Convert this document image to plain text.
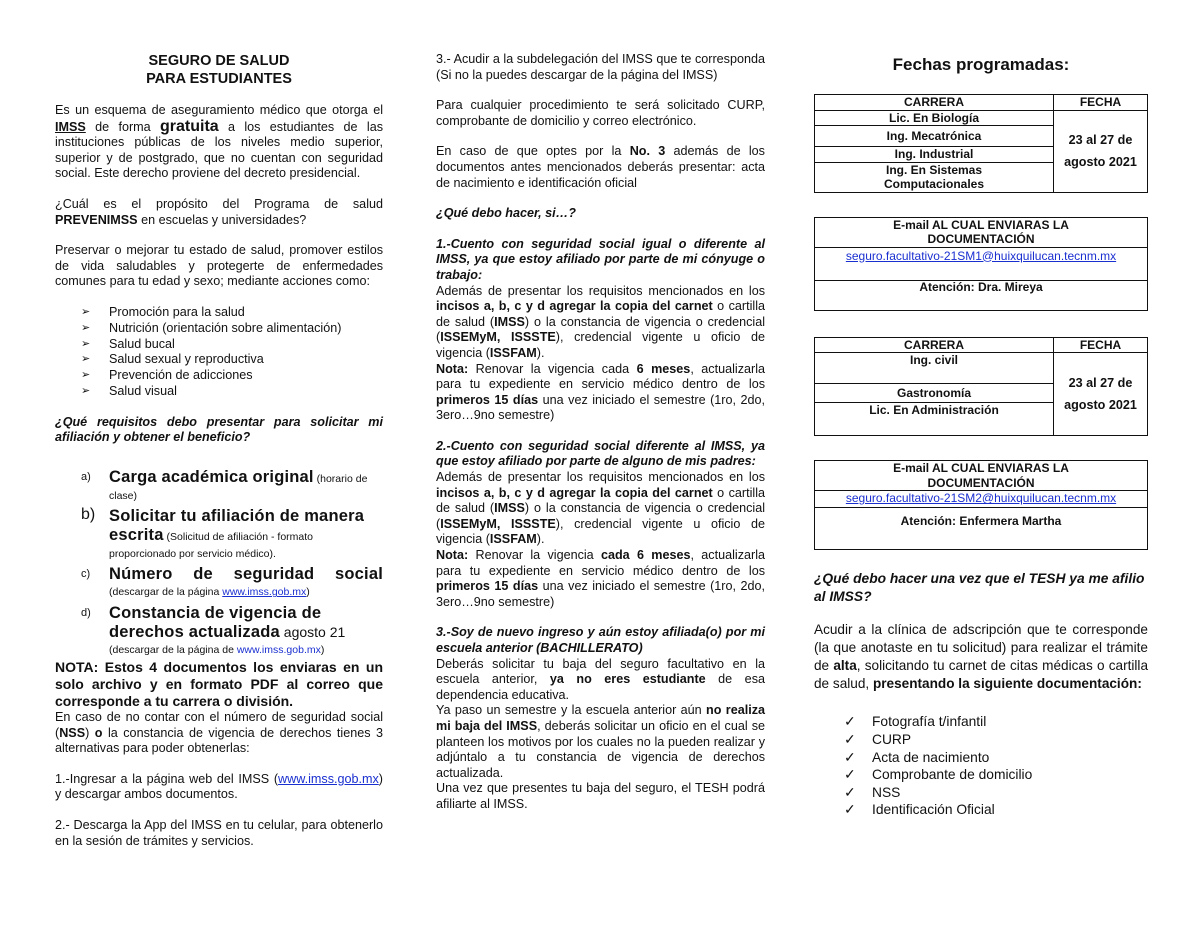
SEGURO DE SALUD
PARA ESTUDIANTES

Es un esquema de aseguramiento médico que otorga el IMSS de forma gratuita a los estudiantes de las instituciones públicas de los niveles medio superior, superior y de postgrado, que no cuentan con seguridad social. Este derecho proviene del decreto presidencial.

¿Cuál es el propósito del Programa de salud PREVENIMSS en escuelas y universidades?

Preservar o mejorar tu estado de salud, promover estilos de vida saludables y protegerte de enfermedades comunes para tu edad y sexo; mediante acciones como:

➢ Promoción para la salud
➢ Nutrición (orientación sobre alimentación)
➢ Salud bucal
➢ Salud sexual y reproductiva
➢ Prevención de adicciones
➢ Salud visual

¿Qué requisitos debo presentar para solicitar mi afiliación y obtener el beneficio?

a) Carga académica original (horario de clase)
b) Solicitar tu afiliación de manera escrita (Solicitud de afiliación - formato proporcionado por servicio médico).
c) Número de seguridad social
(descargar de la página www.imss.gob.mx)
d) Constancia de vigencia de derechos actualizada agosto 21 (descargar de la página de www.imss.gob.mx)

NOTA: Estos 4 documentos los enviaras en un solo archivo y en formato PDF al correo que corresponde a tu carrera o división.

En caso de no contar con el número de seguridad social (NSS) o la constancia de vigencia de derechos tienes 3 alternativas para poder obtenerlas:

1.-Ingresar a la página web del IMSS (www.imss.gob.mx) y descargar ambos documentos.

2.- Descarga la App del IMSS en tu celular, para obtenerlo en la sesión de trámites y servicios.

3.- Acudir a la subdelegación del IMSS que te corresponda (Si no la puedes descargar de la página del IMSS)

Para cualquier procedimiento te será solicitado CURP, comprobante de domicilio y correo electrónico.

En caso de que optes por la No. 3 además de los documentos antes mencionados deberás presentar: acta de nacimiento e identificación oficial

¿Qué debo hacer, si…?

1.-Cuento con seguridad social igual o diferente al IMSS, ya que estoy afiliado por parte de mi cónyuge o trabajo:

Además de presentar los requisitos mencionados en los incisos a, b, c y d agregar la copia del carnet o cartilla de salud (IMSS) o la constancia de vigencia o credencial (ISSEMyM, ISSSTE), credencial vigente u oficio de vigencia (ISSFAM).

Nota: Renovar la vigencia cada 6 meses, actualizarla para tu expediente en servicio médico dentro de los primeros 15 días una vez iniciado el semestre (1ro, 2do, 3ero…9no semestre)

2.-Cuento con seguridad social diferente al IMSS, ya que estoy afiliado por parte de alguno de mis padres:

Además de presentar los requisitos mencionados en los incisos a, b, c y d agregar la copia del carnet o cartilla de salud (IMSS) o la constancia de vigencia o credencial (ISSEMyM, ISSSTE), credencial vigente u oficio de vigencia (ISSFAM).

Nota: Renovar la vigencia cada 6 meses, actualizarla para tu expediente en servicio médico dentro de los primeros 15 días una vez iniciado el semestre (1ro, 2do, 3ero…9no semestre)

3.-Soy de nuevo ingreso y aún estoy afiliada(o) por mi escuela anterior (BACHILLERATO)

Deberás solicitar tu baja del seguro facultativo en la escuela anterior, ya no eres estudiante de esa dependencia educativa.

Ya paso un semestre y la escuela anterior aún no realiza mi baja del IMSS, deberás solicitar un oficio en el cual se planteen los motivos por los cuales no la pueden realizar y adjúntalo a tu constancia de vigencia de derechos actualizada.

Una vez que presentes tu baja del seguro, el TESH podrá afiliarte al IMSS.

Fechas programadas:
CARRERA	FECHA
Lic. En Biología	23 al 27 de agosto 2021
Ing. Mecatrónica	
Ing. Industrial	
Ing. En Sistemas Computacionales	
E-mail AL CUAL ENVIARAS LA DOCUMENTACIÓN
seguro.facultativo-21SM1@huixquilucan.tecnm.mx
Atención: Dra. Mireya
CARRERA	FECHA
Ing. civil	23 al 27 de agosto 2021
Gastronomía	
Lic. En Administración	
E-mail AL CUAL ENVIARAS LA DOCUMENTACIÓN
seguro.facultativo-21SM2@huixquilucan.tecnm.mx
Atención: Enfermera Martha

¿Qué debo hacer una vez que el TESH ya me afilio al IMSS?

Acudir a la clínica de adscripción que te corresponde (la que anotaste en tu solicitud) para realizar el trámite de alta, solicitando tu carnet de citas médicas o cartilla de salud, presentando la siguiente documentación:

✓ Fotografía t/infantil
✓ CURP
✓ Acta de nacimiento
✓ Comprobante de domicilio
✓ NSS
✓ Identificación Oficial
